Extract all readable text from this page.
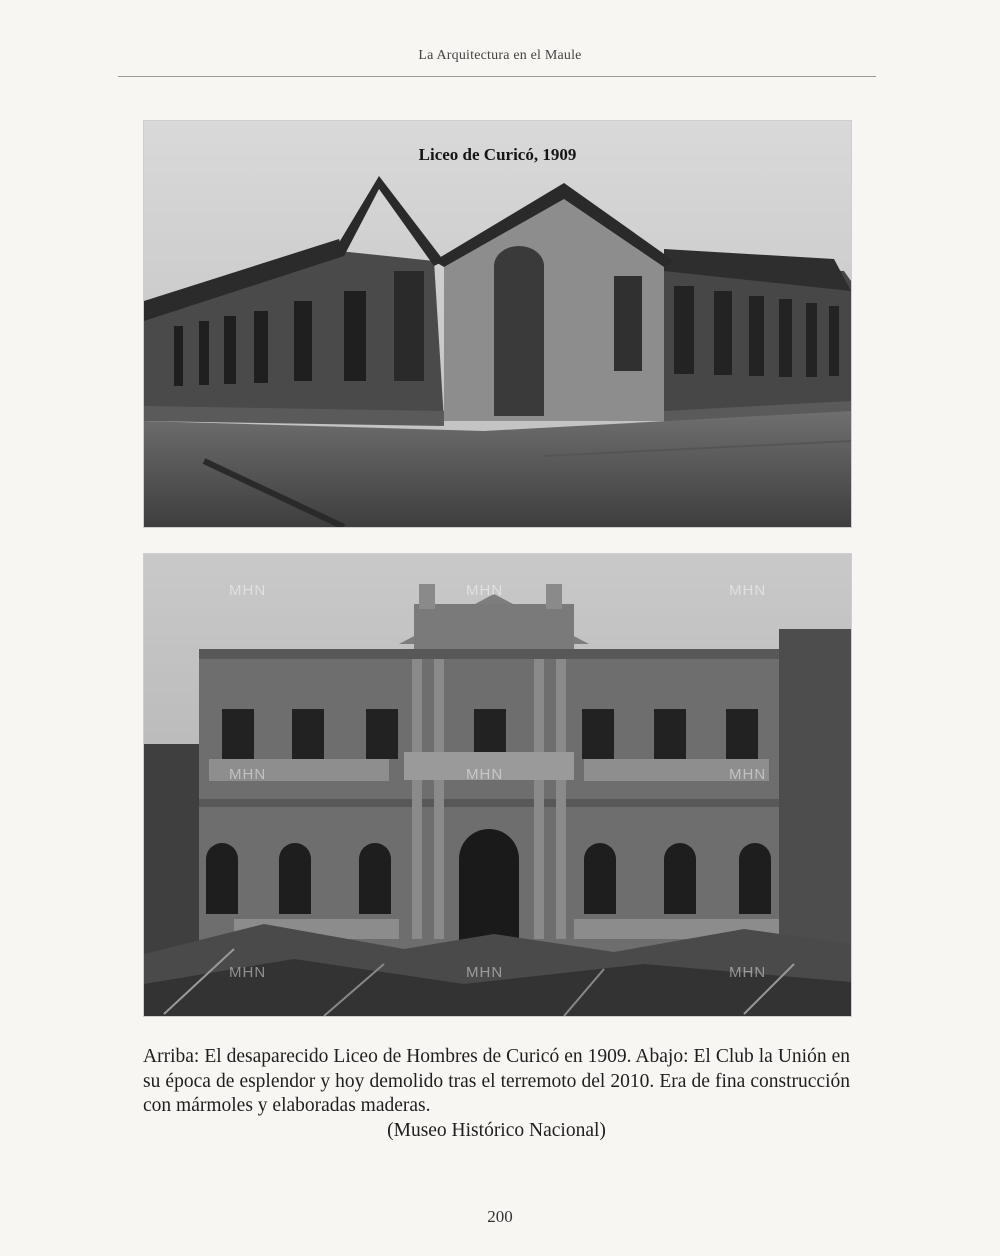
La Arquitectura en el Maule
Liceo de Curicó, 1909
MHN	MHN	MHN
MHN	MHN	MHN
MHN	MHN	MHN
Arriba: El desaparecido Liceo de Hombres de Curicó en 1909. Abajo: El Club la Unión en su época de esplendor y hoy demolido tras el terremoto del 2010. Era de fina construcción con mármoles y elaboradas maderas.
(Museo Histórico Nacional)
200
